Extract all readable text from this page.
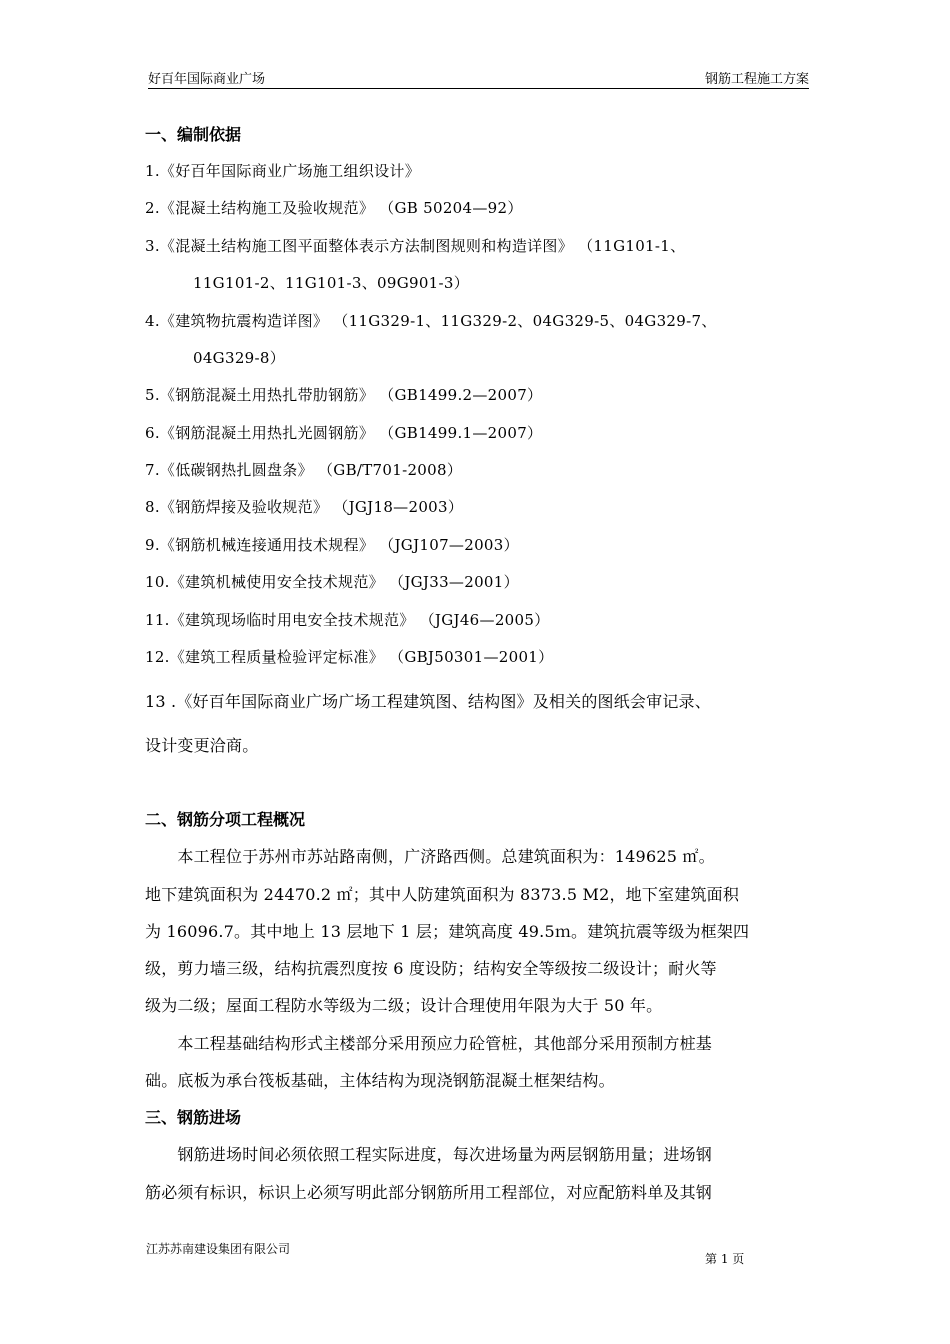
好百年国际商业广场	钢筋工程施工方案
一、编制依据
1.《好百年国际商业广场施工组织设计》
2.《混凝土结构施工及验收规范》 （GB 50204—92）
3.《混凝土结构施工图平面整体表示方法制图规则和构造详图》 （11G101-1、
11G101-2、11G101-3、09G901-3）
4.《建筑物抗震构造详图》 （11G329-1、11G329-2、04G329-5、04G329-7、
04G329-8）
5.《钢筋混凝土用热扎带肋钢筋》 （GB1499.2—2007）
6.《钢筋混凝土用热扎光圆钢筋》 （GB1499.1—2007）
7.《低碳钢热扎圆盘条》 （GB/T701-2008）
8.《钢筋焊接及验收规范》 （JGJ18—2003）
9.《钢筋机械连接通用技术规程》 （JGJ107—2003）
10.《建筑机械使用安全技术规范》 （JGJ33—2001）
11.《建筑现场临时用电安全技术规范》 （JGJ46—2005）
12.《建筑工程质量检验评定标准》 （GBJ50301—2001）
13 .《好百年国际商业广场广场工程建筑图、结构图》及相关的图纸会审记录、
设计变更洽商。
二、钢筋分项工程概况
　　本工程位于苏州市苏站路南侧，广济路西侧。总建筑面积为：149625 ㎡。
地下建筑面积为 24470.2 ㎡；其中人防建筑面积为 8373.5 M2，地下室建筑面积
为 16096.7。其中地上 13 层地下 1 层；建筑高度 49.5ｍ。建筑抗震等级为框架四
级，剪力墙三级，结构抗震烈度按 6 度设防；结构安全等级按二级设计；耐火等
级为二级；屋面工程防水等级为二级；设计合理使用年限为大于 50 年。
　　本工程基础结构形式主楼部分采用预应力砼管桩，其他部分采用预制方桩基
础。底板为承台筏板基础，主体结构为现浇钢筋混凝土框架结构。
三、钢筋进场
　　钢筋进场时间必须依照工程实际进度，每次进场量为两层钢筋用量；进场钢
筋必须有标识，标识上必须写明此部分钢筋所用工程部位，对应配筋料单及其钢
江苏苏南建设集团有限公司
第 1 页
